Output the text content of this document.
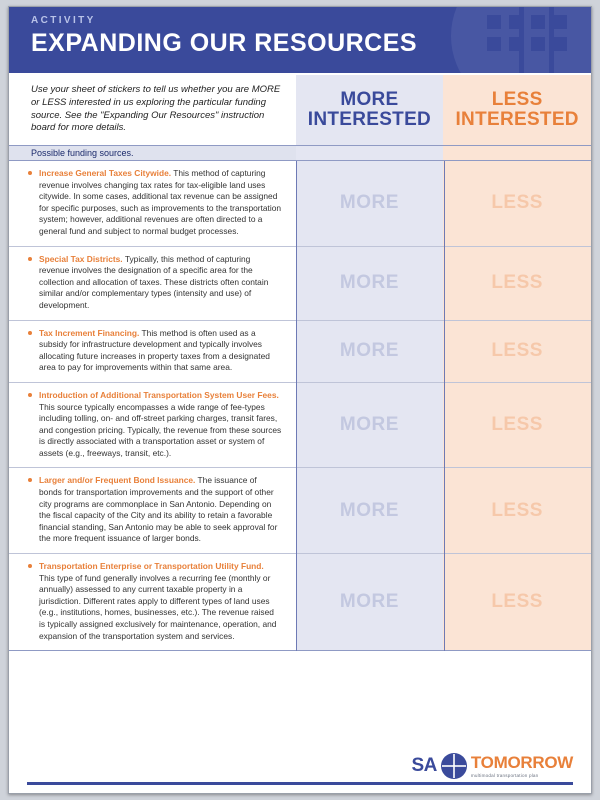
ACTIVITY
EXPANDING OUR RESOURCES
Use your sheet of stickers to tell us whether you are MORE or LESS interested in us exploring the particular funding source. See the "Expanding Our Resources" instruction board for more details.
MORE
INTERESTED
LESS
INTERESTED
Possible funding sources.
Increase General Taxes Citywide. This method of capturing revenue involves changing tax rates for tax-eligible land uses citywide. In some cases, additional tax revenue can be assigned for specific purposes, such as improvements to the transportation system; however, additional revenues are often directed to a general fund and subject to normal budget processes.
MORE	LESS
Special Tax Districts. Typically, this method of capturing revenue involves the designation of a specific area for the collection and allocation of taxes. These districts often contain similar and/or complementary types (intensity and use) of development.
MORE	LESS
Tax Increment Financing. This method is often used as a subsidy for infrastructure development and typically involves allocating future increases in property taxes from a designated area to pay for improvements within that same area.
MORE	LESS
Introduction of Additional Transportation System User Fees. This source typically encompasses a wide range of fee-types including tolling, on- and off-street parking charges, transit fares, and congestion pricing. Typically, the revenue from these sources is directly associated with a transportation asset or system of assets (e.g., freeways, transit, etc.).
MORE	LESS
Larger and/or Frequent Bond Issuance. The issuance of bonds for transportation improvements and the support of other city programs are commonplace in San Antonio. Depending on the fiscal capacity of the City and its ability to retain a favorable financial standing, San Antonio may be able to seek approval for the more frequent issuance of larger bonds.
MORE	LESS
Transportation Enterprise or Transportation Utility Fund. This type of fund generally involves a recurring fee (monthly or annually) assessed to any current taxable property in a jurisdiction. Different rates apply to different types of land uses (e.g., institutions, homes, businesses, etc.). The revenue raised is typically assigned exclusively for maintenance, operation, and expansion of the transportation system and services.
MORE	LESS
SA TOMORROW
multimodal transportation plan
